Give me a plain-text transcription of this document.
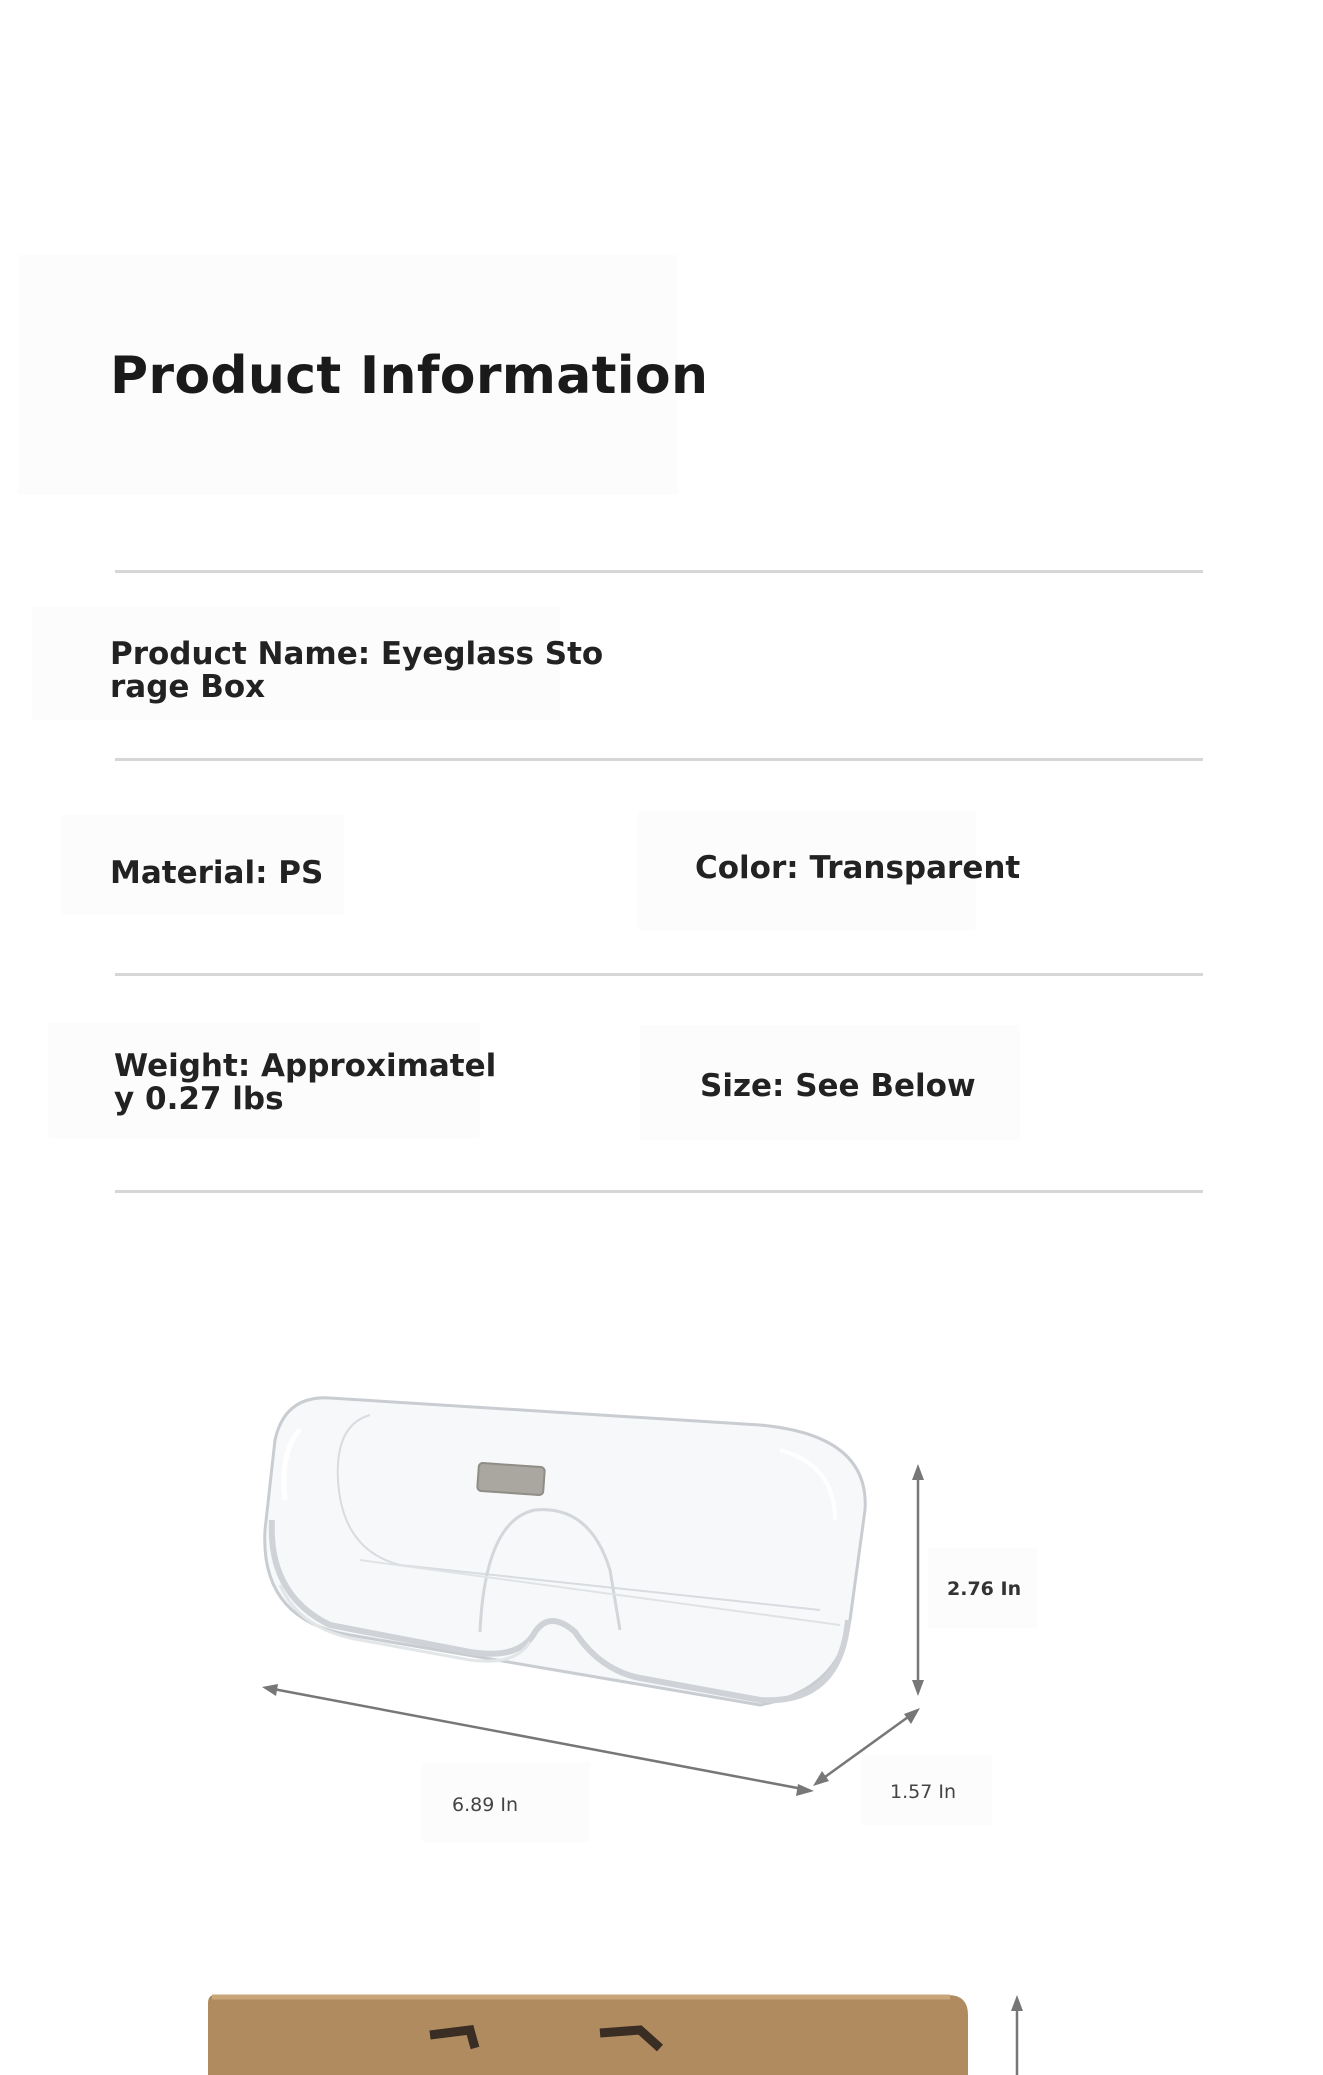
Product Information
Product Name: Eyeglass Sto
rage Box
Material: PS	Color: Transparent
Weight: Approximatel
y 0.27 lbs	Size: See Below
2.76 In
6.89 In
1.57 In
